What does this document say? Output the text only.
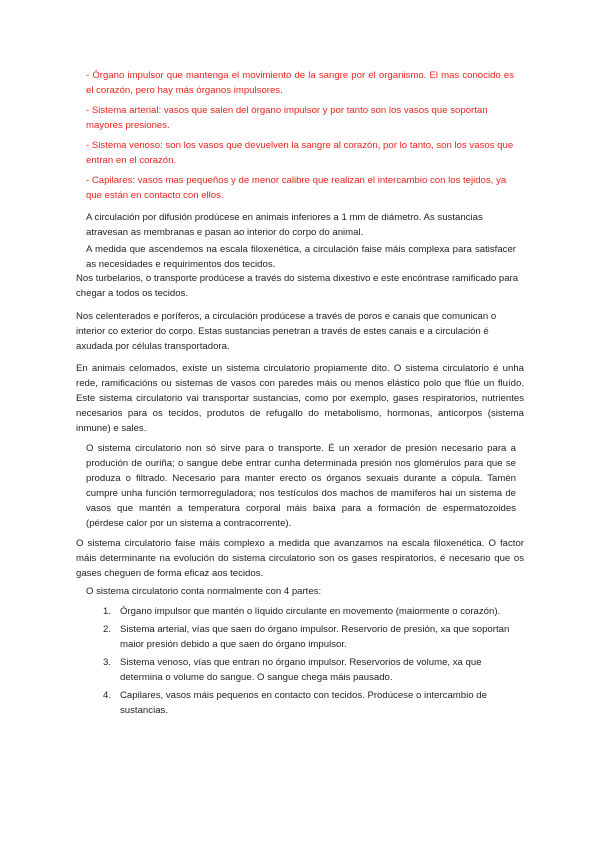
- Órgano impulsor que mantenga el movimiento de la sangre por el organismo. El mas conocido es el corazón, pero hay más órganos impulsores.

- Sistema arterial: vasos que salen del órgano impulsor y por tanto son los vasos que soportan mayores presiones.

- Sistema venoso: son los vasos que devuelven la sangre al corazón, por lo tanto, son los vasos que entran en el corazón.

- Capilares: vasos mas pequeños y de menor calibre que realizan el intercambio con los tejidos, ya que están en contacto con ellos.

A circulación por difusión prodúcese en animais inferiores a 1 mm de diámetro. As sustancias atravesan as membranas e pasan ao interior do corpo do animal.

A medida que ascendemos na escala filoxenética, a circulación faise máis complexa para satisfacer as necesidades e requirimentos dos tecidos.

Nos turbelarios, o transporte prodúcese a través do sistema dixestivo e este encóntrase ramificado para chegar a todos os tecidos.

Nos celenterados e poríferos, a circulación prodúcese a través de poros e canais que comunican o interior co exterior do corpo. Estas sustancias penetran a través de estes canais e a circulación é axudada por células transportadora.

En animais celomados, existe un sistema circulatorio propiamente dito. O sistema circulatorio é unha rede, ramificacións ou sistemas de vasos con paredes máis ou menos elástico polo que flúe un fluído. Este sistema circulatorio vai transportar sustancias, como por exemplo, gases respiratorios, nutrientes necesarios para os tecidos, produtos de refugallo do metabolismo, hormonas, anticorpos (sistema inmune) e sales.

O sistema circulatorio non só sirve para o transporte. É un xerador de presión necesario para a produción de ouriña; o sangue debe entrar cunha determinada presión nos glomérulos para que se produza o filtrado. Necesario para manter erecto os órganos sexuais durante a cópula. Tamén cumpre unha función termorreguladora; nos testículos dos machos de mamíferos hai un sistema de vasos que mantén a temperatura corporal máis baixa para a formación de espermatozoides (pérdese calor por un sistema a contracorrente).

O sistema circulatorio faise máis complexo a medida que avanzamos na escala filoxenética. O factor máis determinante na evolución do sistema circulatorio son os gases respiratorios, é necesario que os gases cheguen de forma eficaz aos tecidos.

O sistema circulatorio conta normalmente con 4 partes:

1. Órgano impulsor que mantén o líquido circulante en movemento (maiormente o corazón).
2. Sistema arterial, vías que saen do órgano impulsor. Reservorio de presión, xa que soportan maior presión debido a que saen do órgano impulsor.
3. Sistema venoso, vías que entran no órgano impulsor. Reservorios de volume, xa que determina o volume do sangue. O sangue chega máis pausado.
4. Capilares, vasos máis pequenos en contacto con tecidos. Prodúcese o intercambio de sustancias.
